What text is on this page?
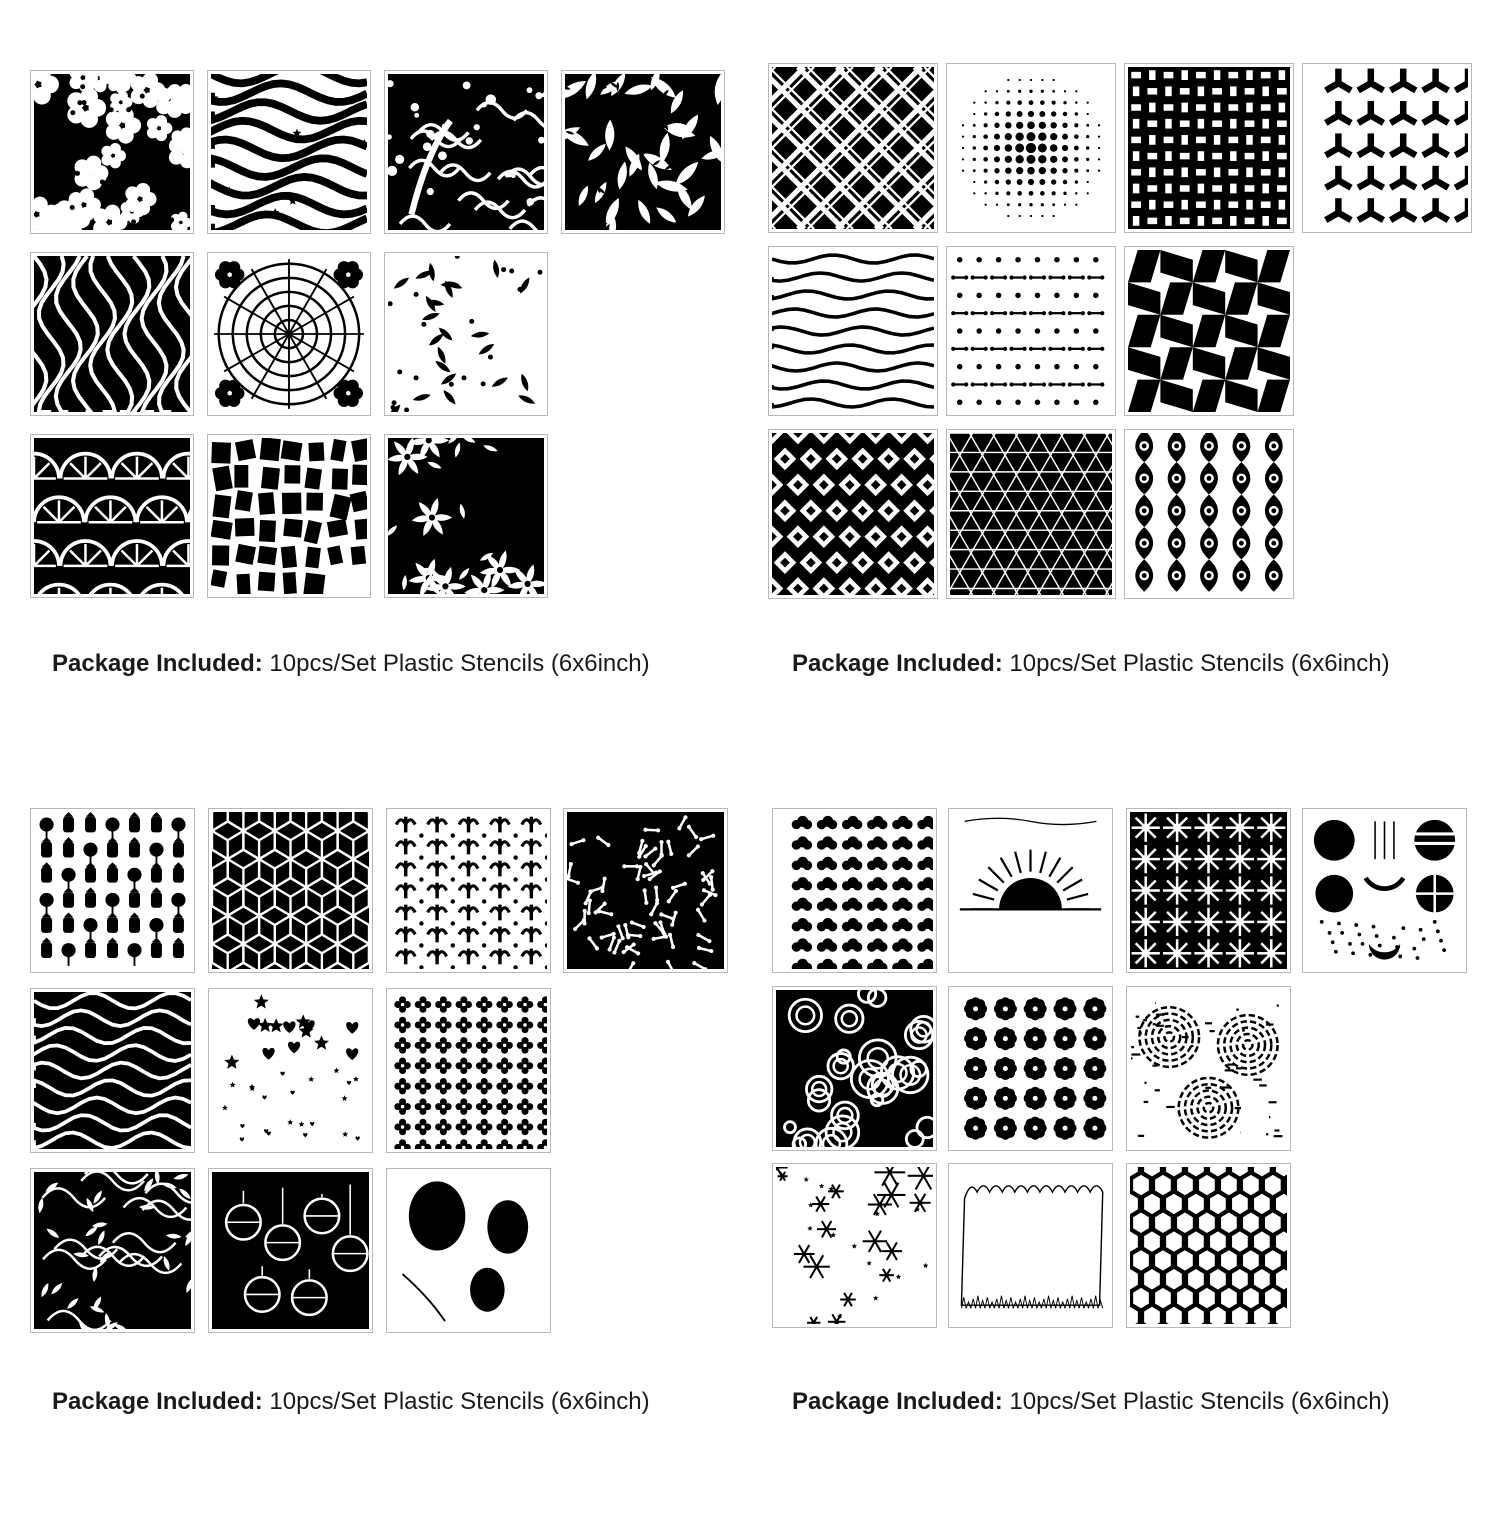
Package Included: 10pcs/Set Plastic Stencils (6x6inch)	Package Included: 10pcs/Set Plastic Stencils (6x6inch)
Package Included: 10pcs/Set Plastic Stencils (6x6inch)	Package Included: 10pcs/Set Plastic Stencils (6x6inch)
